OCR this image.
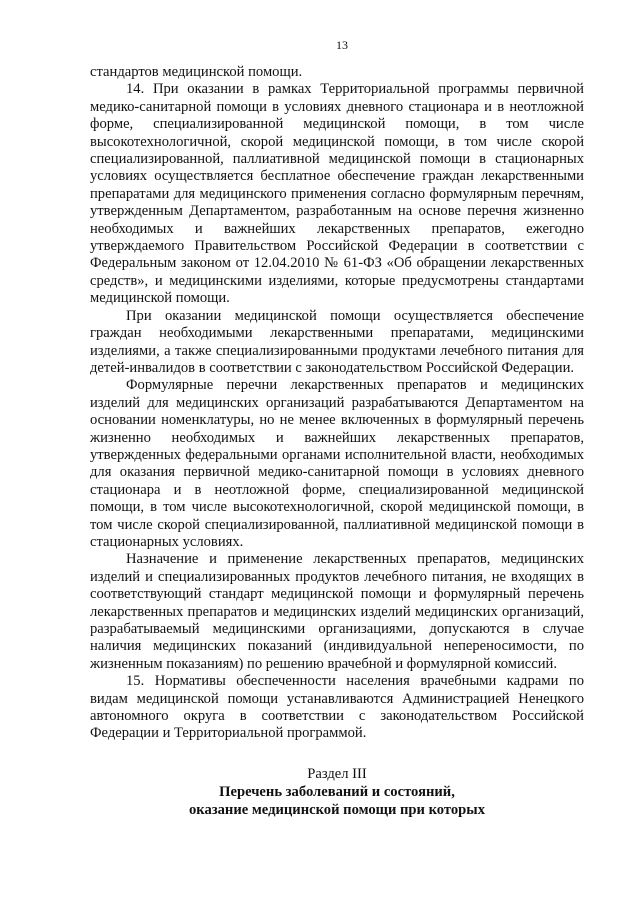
13

стандартов медицинской помощи.

14. При оказании в рамках Территориальной программы первичной медико-санитарной помощи в условиях дневного стационара и в неотложной форме, специализированной медицинской помощи, в том числе высокотехнологичной, скорой медицинской помощи, в том числе скорой специализированной, паллиативной медицинской помощи в стационарных условиях осуществляется бесплатное обеспечение граждан лекарственными препаратами для медицинского применения согласно формулярным перечням, утвержденным Департаментом, разработанным на основе перечня жизненно необходимых и важнейших лекарственных препаратов, ежегодно утверждаемого Правительством Российской Федерации в соответствии с Федеральным законом от 12.04.2010 № 61-ФЗ «Об обращении лекарственных средств», и медицинскими изделиями, которые предусмотрены стандартами медицинской помощи.

При оказании медицинской помощи осуществляется обеспечение граждан необходимыми лекарственными препаратами, медицинскими изделиями, а также специализированными продуктами лечебного питания для детей-инвалидов в соответствии с законодательством Российской Федерации.

Формулярные перечни лекарственных препаратов и медицинских изделий для медицинских организаций разрабатываются Департаментом на основании номенклатуры, но не менее включенных в формулярный перечень жизненно необходимых и важнейших лекарственных препаратов, утвержденных федеральными органами исполнительной власти, необходимых для оказания первичной медико-санитарной помощи в условиях дневного стационара и в неотложной форме, специализированной медицинской помощи, в том числе высокотехнологичной, скорой медицинской помощи, в том числе скорой специализированной, паллиативной медицинской помощи в стационарных условиях.

Назначение и применение лекарственных препаратов, медицинских изделий и специализированных продуктов лечебного питания, не входящих в соответствующий стандарт медицинской помощи и формулярный перечень лекарственных препаратов и медицинских изделий медицинских организаций, разрабатываемый медицинскими организациями, допускаются в случае наличия медицинских показаний (индивидуальной непереносимости, по жизненным показаниям) по решению врачебной и формулярной комиссий.

15. Нормативы обеспеченности населения врачебными кадрами по видам медицинской помощи устанавливаются Администрацией Ненецкого автономного округа в соответствии с законодательством Российской Федерации и Территориальной программой.

Раздел III
Перечень заболеваний и состояний,
оказание медицинской помощи при которых
